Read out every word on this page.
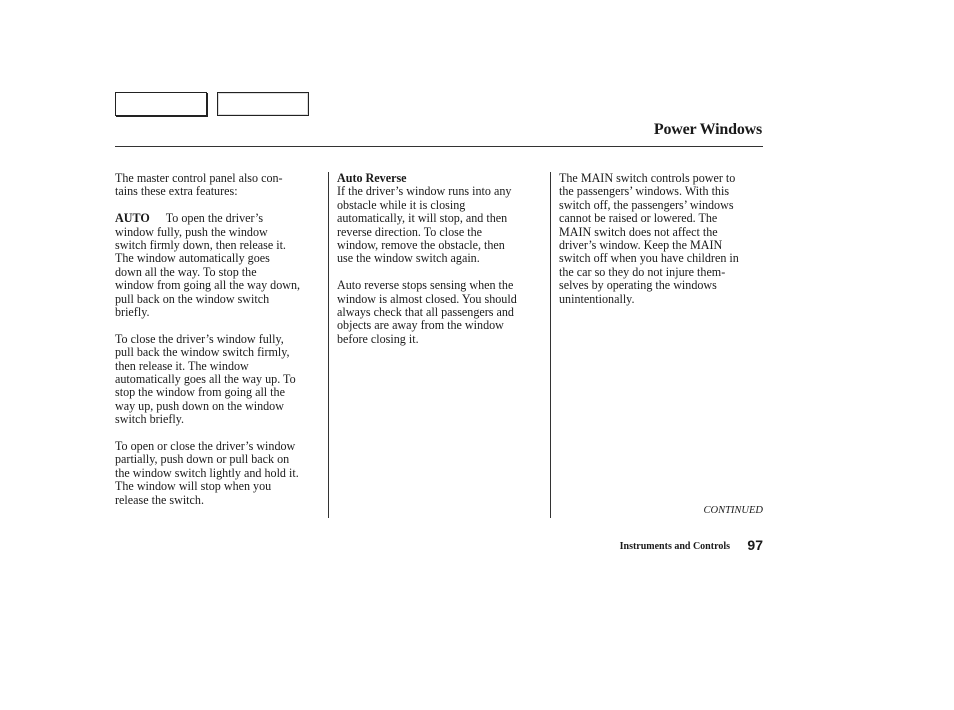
Power Windows

The master control panel also con-
tains these extra features:

AUTO To open the driver’s
window fully, push the window
switch firmly down, then release it.
The window automatically goes
down all the way. To stop the
window from going all the way down,
pull back on the window switch
briefly.

To close the driver’s window fully,
pull back the window switch firmly,
then release it. The window
automatically goes all the way up. To
stop the window from going all the
way up, push down on the window
switch briefly.

To open or close the driver’s window
partially, push down or pull back on
the window switch lightly and hold it.
The window will stop when you
release the switch.

Auto Reverse
If the driver’s window runs into any
obstacle while it is closing
automatically, it will stop, and then
reverse direction. To close the
window, remove the obstacle, then
use the window switch again.

Auto reverse stops sensing when the
window is almost closed. You should
always check that all passengers and
objects are away from the window
before closing it.

The MAIN switch controls power to
the passengers’ windows. With this
switch off, the passengers’ windows
cannot be raised or lowered. The
MAIN switch does not affect the
driver’s window. Keep the MAIN
switch off when you have children in
the car so they do not injure them-
selves by operating the windows
unintentionally.

CONTINUED
Instruments and Controls 97
